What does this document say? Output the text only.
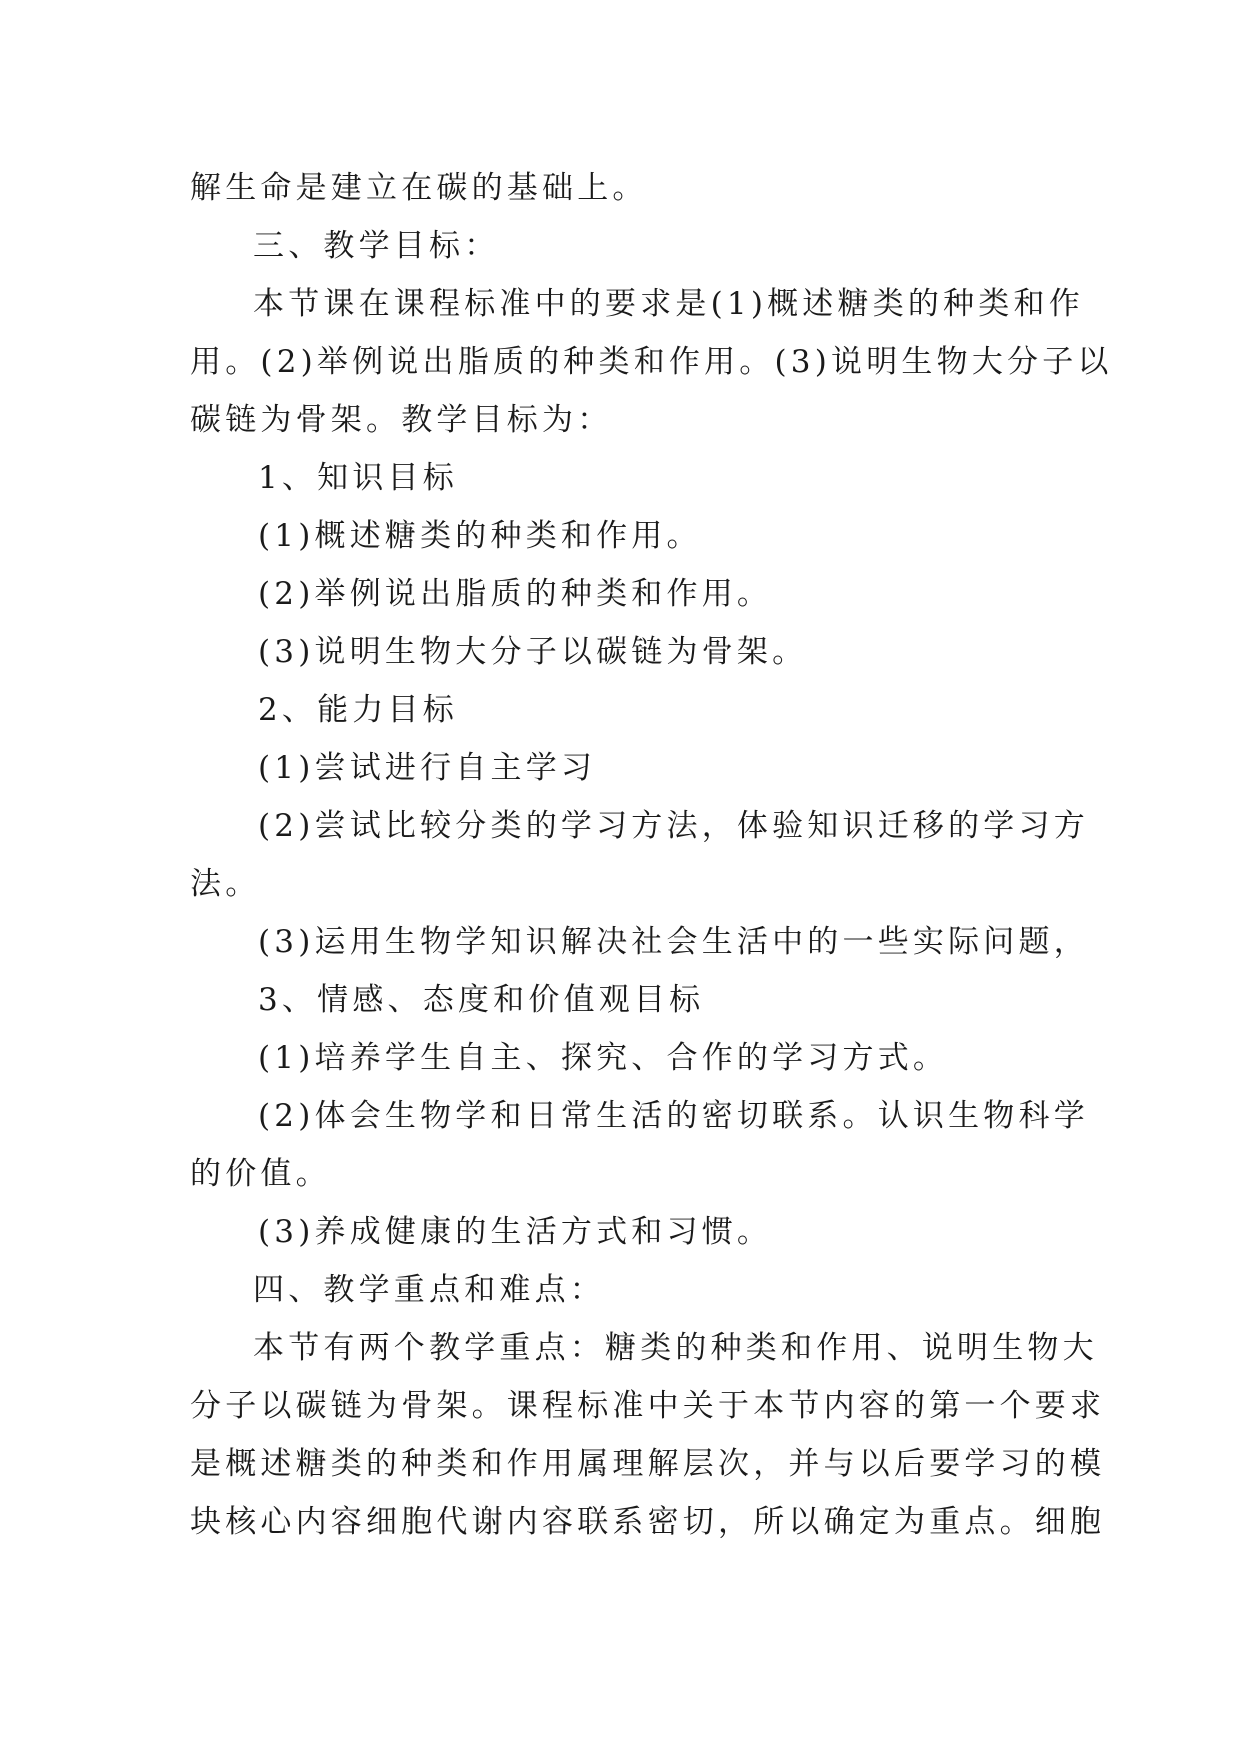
解生命是建立在碳的基础上。

三、教学目标：

本节课在课程标准中的要求是(1)概述糖类的种类和作

用。(2)举例说出脂质的种类和作用。(3)说明生物大分子以

碳链为骨架。教学目标为：

1、知识目标

(1)概述糖类的种类和作用。

(2)举例说出脂质的种类和作用。

(3)说明生物大分子以碳链为骨架。

2、能力目标

(1)尝试进行自主学习

(2)尝试比较分类的学习方法，体验知识迁移的学习方

法。

(3)运用生物学知识解决社会生活中的一些实际问题，

3、情感、态度和价值观目标

(1)培养学生自主、探究、合作的学习方式。

(2)体会生物学和日常生活的密切联系。认识生物科学

的价值。

(3)养成健康的生活方式和习惯。

四、教学重点和难点：

本节有两个教学重点：糖类的种类和作用、说明生物大

分子以碳链为骨架。课程标准中关于本节内容的第一个要求

是概述糖类的种类和作用属理解层次，并与以后要学习的模

块核心内容细胞代谢内容联系密切，所以确定为重点。细胞
